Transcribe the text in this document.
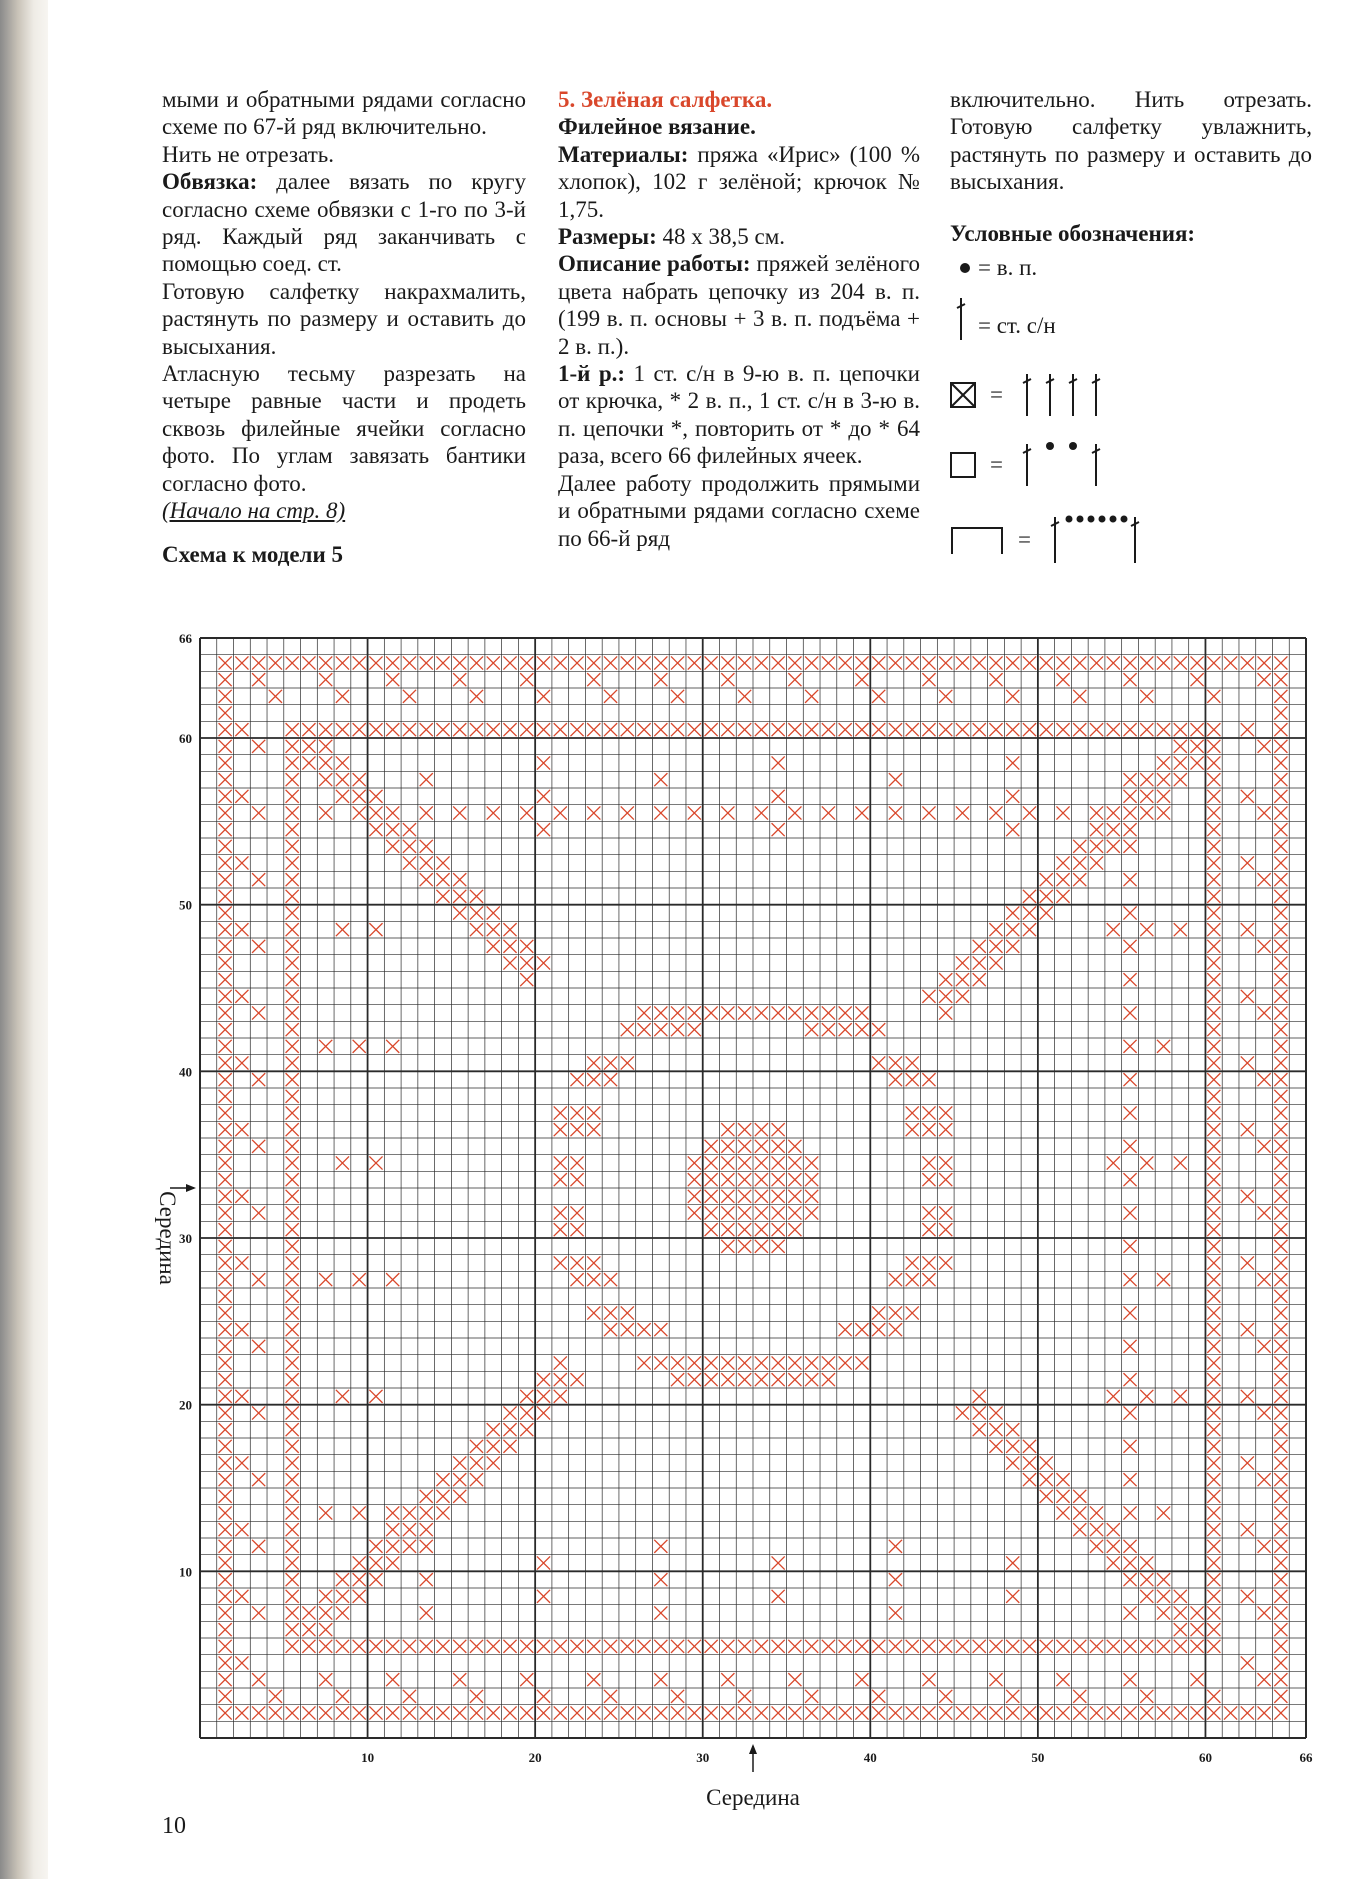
мыми и обратными рядами согласно схеме по 67-й ряд включительно.

Нить не отрезать.

Обвязка: далее вязать по кругу согласно схеме обвязки с 1-го по 3-й ряд. Каждый ряд заканчивать с помощью соед. ст.

Готовую салфетку накрахмалить, растянуть по размеру и оставить до высыхания.

Атласную тесьму разрезать на четыре равные части и продеть сквозь филейные ячейки согласно фото. По углам завязать бантики согласно фото.

(Начало на стр. 8)

Схема к модели 5

5. Зелёная салфетка.

Филейное вязание.

Материалы: пряжа «Ирис» (100 % хлопок), 102 г зелёной; крючок № 1,75.

Размеры: 48 х 38,5 см.

Описание работы: пряжей зелёного цвета набрать цепочку из 204 в. п. (199 в. п. основы + 3 в. п. подъёма + 2 в. п.).

1-й р.: 1 ст. с/н в 9-ю в. п. цепочки от крючка, * 2 в. п., 1 ст. с/н в 3-ю в. п. цепочки *, повторить от * до * 64 раза, всего 66 филейных ячеек.

Далее работу продолжить прямыми и обратными рядами согласно схеме по 66-й ряд

включительно. Нить отрезать. Готовую салфетку увлажнить, растянуть по размеру и оставить до высыхания.

Условные обозначения:

= в. п.
= ст. с/н
=
=
=
10	20	30	40	50	60	66
66
60
50
40
30
20
10
Середина
Середина
10
